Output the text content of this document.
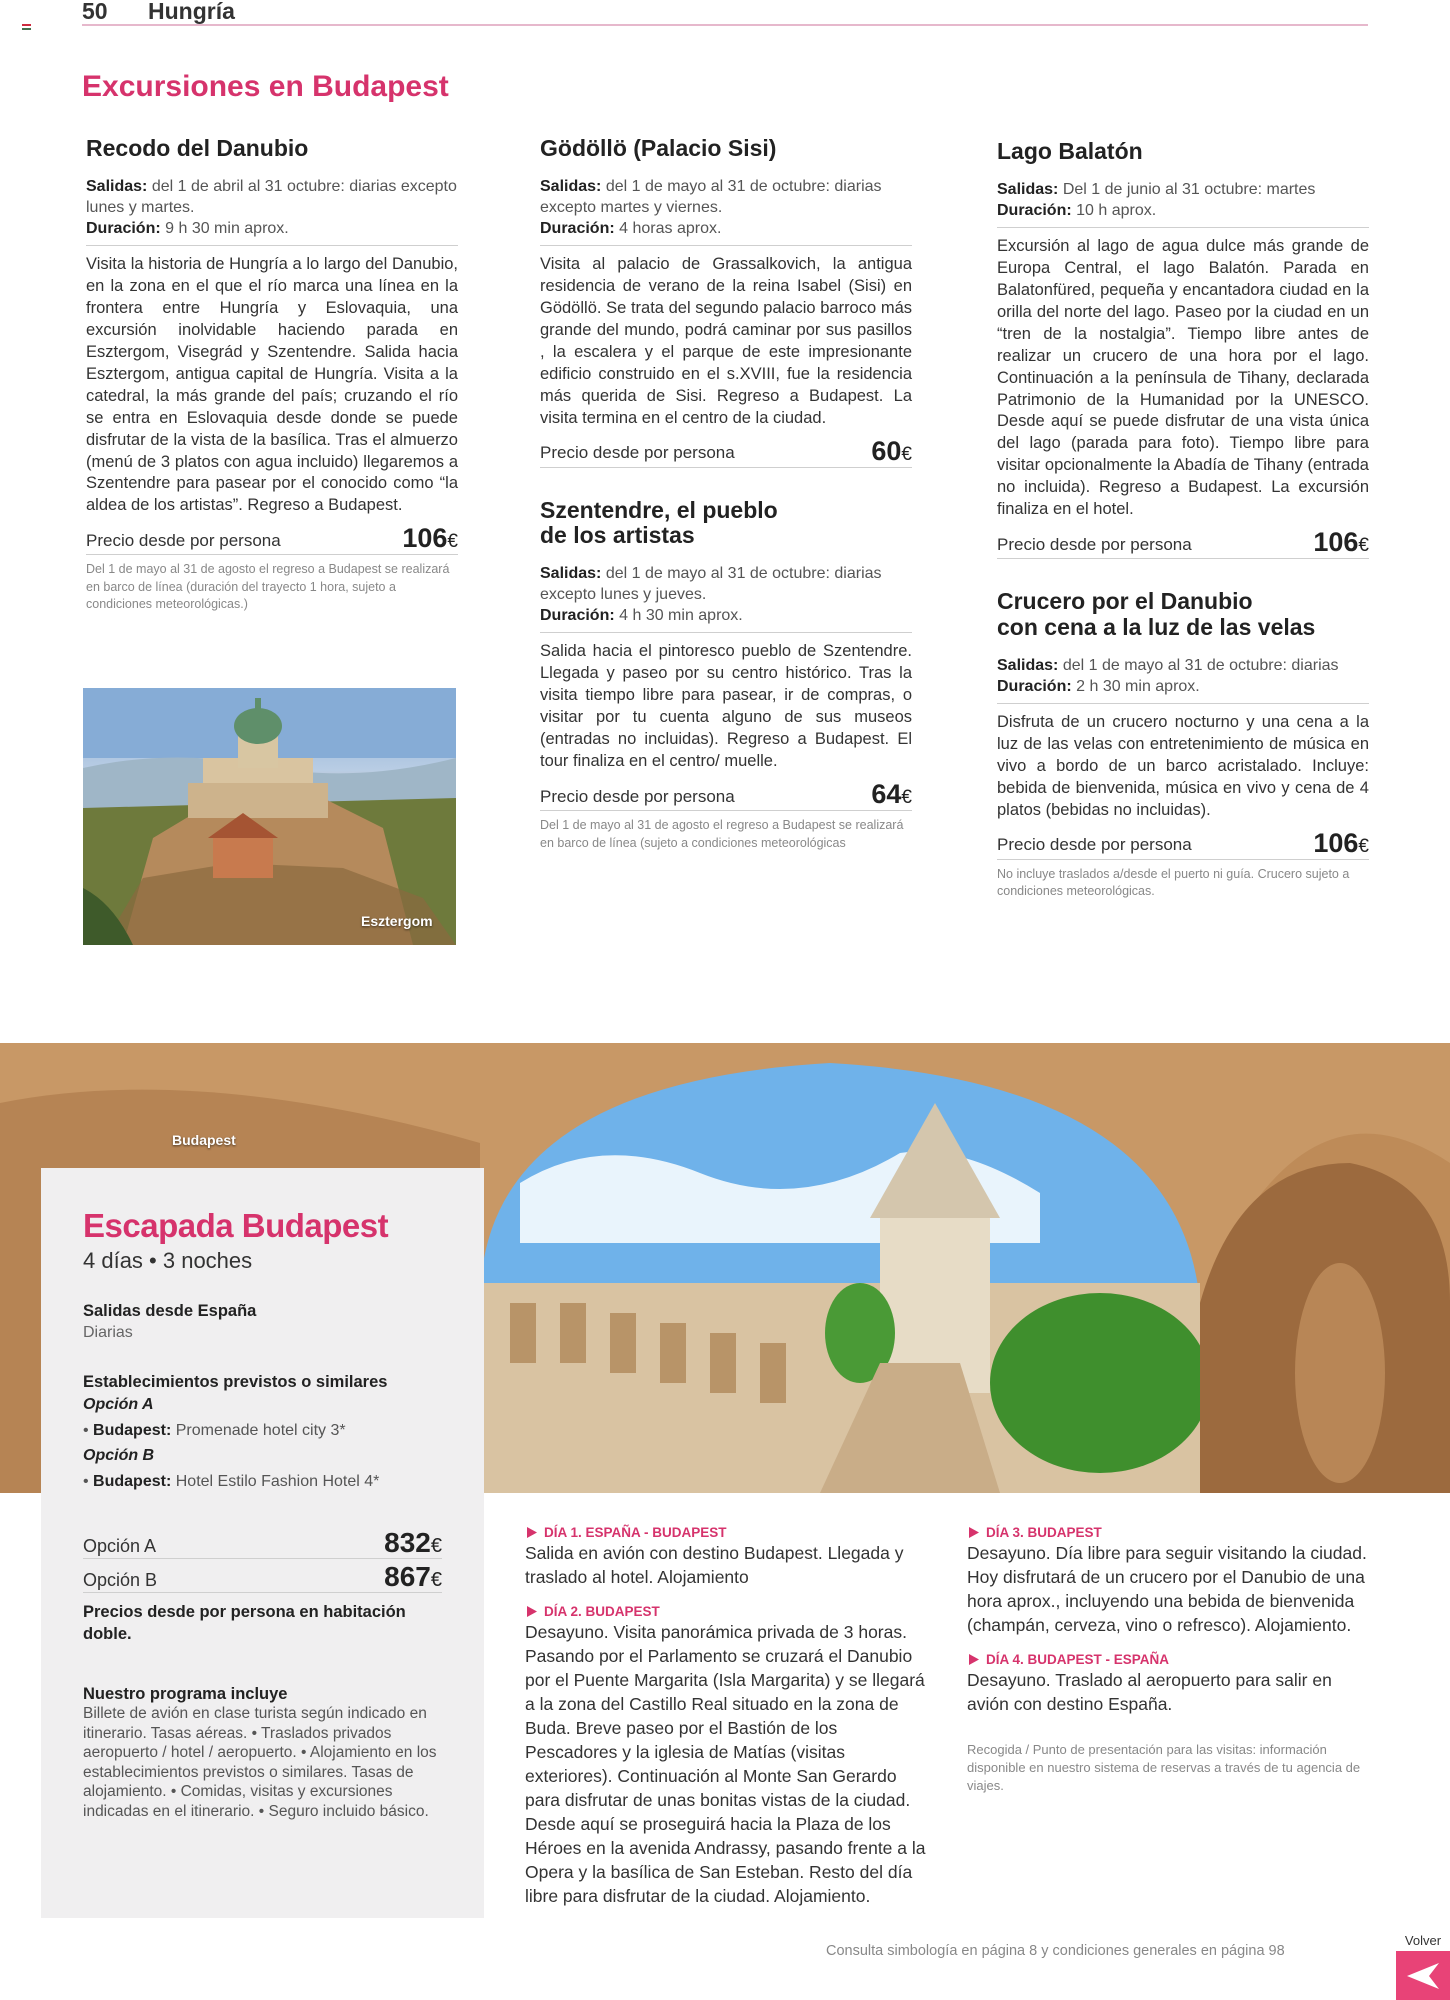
50 Hungría
Excursiones en Budapest
Recodo del Danubio

Salidas: del 1 de abril al 31 octubre: diarias excepto lunes y martes.

Duración: 9 h 30 min aprox.

Visita la historia de Hungría a lo largo del Danubio, en la zona en el que el río marca una línea en la frontera entre Hungría y Eslovaquia, una excursión inolvidable haciendo parada en Esztergom, Visegrád y Szentendre. Salida hacia Esztergom, antigua capital de Hungría. Visita a la catedral, la más grande del país; cruzando el río se entra en Eslovaquia desde donde se puede disfrutar de la vista de la basílica. Tras el almuerzo (menú de 3 platos con agua incluido) llegaremos a Szentendre para pasear por el conocido como “la aldea de los artistas”. Regreso a Budapest.

Precio desde por persona	106€

Del 1 de mayo al 31 de agosto el regreso a Budapest se realizará en barco de línea (duración del trayecto 1 hora, sujeto a condiciones meteorológicas.)

Esztergom
Gödöllö (Palacio Sisi)

Salidas: del 1 de mayo al 31 de octubre: diarias excepto martes y viernes.

Duración: 4 horas aprox.

Visita al palacio de Grassalkovich, la antigua residencia de verano de la reina Isabel (Sisi) en Gödöllö. Se trata del segundo palacio barroco más grande del mundo, podrá caminar por sus pasillos , la escalera y el parque de este impresionante edificio construido en el s.XVIII, fue la residencia más querida de Sisi. Regreso a Budapest. La visita termina en el centro de la ciudad.

Precio desde por persona	60€
Szentendre, el pueblo
de los artistas

Salidas: del 1 de mayo al 31 de octubre: diarias excepto lunes y jueves.

Duración: 4 h 30 min aprox.

Salida hacia el pintoresco pueblo de Szentendre. Llegada y paseo por su centro histórico. Tras la visita tiempo libre para pasear, ir de compras, o visitar por tu cuenta alguno de sus museos (entradas no incluidas). Regreso a Budapest. El tour finaliza en el centro/ muelle.

Precio desde por persona	64€

Del 1 de mayo al 31 de agosto el regreso a Budapest se realizará en barco de línea (sujeto a condiciones meteorológicas

Lago Balatón

Salidas: Del 1 de junio al 31 octubre: martes

Duración: 10 h aprox.

Excursión al lago de agua dulce más grande de Europa Central, el lago Balatón. Parada en Balatonfüred, pequeña y encantadora ciudad en la orilla del norte del lago. Paseo por la ciudad en un “tren de la nostalgia”. Tiempo libre antes de realizar un crucero de una hora por el lago. Continuación a la península de Tihany, declarada Patrimonio de la Humanidad por la UNESCO. Desde aquí se puede disfrutar de una vista única del lago (parada para foto). Tiempo libre para visitar opcionalmente la Abadía de Tihany (entrada no incluida). Regreso a Budapest. La excursión finaliza en el hotel.

Precio desde por persona	106€
Crucero por el Danubio
con cena a la luz de las velas

Salidas: del 1 de mayo al 31 de octubre: diarias

Duración: 2 h 30 min aprox.

Disfruta de un crucero nocturno y una cena a la luz de las velas con entretenimiento de música en vivo a bordo de un barco acristalado. Incluye: bebida de bienvenida, música en vivo y cena de 4 platos (bebidas no incluidas).

Precio desde por persona	106€

No incluye traslados a/desde el puerto ni guía. Crucero sujeto a condiciones meteorológicas.

Budapest
Escapada Budapest

4 días • 3 noches

Salidas desde España

Diarias

Establecimientos previstos o similares

Opción A

• Budapest: Promenade hotel city 3*

Opción B

• Budapest: Hotel Estilo Fashion Hotel 4*

Opción A	832€
Opción B	867€

Precios desde por persona en habitación doble.

Nuestro programa incluye

Billete de avión en clase turista según indicado en itinerario. Tasas aéreas. • Traslados privados aeropuerto / hotel / aeropuerto. • Alojamiento en los establecimientos previstos o similares. Tasas de alojamiento. • Comidas, visitas y excursiones indicadas en el itinerario. • Seguro incluido básico.

DÍA 1. ESPAÑA - BUDAPEST

Salida en avión con destino Budapest. Llegada y traslado al hotel. Alojamiento

DÍA 2. BUDAPEST

Desayuno. Visita panorámica privada de 3 horas. Pasando por el Parlamento se cruzará el Danubio por el Puente Margarita (Isla Margarita) y se llegará a la zona del Castillo Real situado en la zona de Buda. Breve paseo por el Bastión de los Pescadores y la iglesia de Matías (visitas exteriores). Continuación al Monte San Gerardo para disfrutar de unas bonitas vistas de la ciudad. Desde aquí se proseguirá hacia la Plaza de los Héroes en la avenida Andrassy, pasando frente a la Opera y la basílica de San Esteban. Resto del día libre para disfrutar de la ciudad. Alojamiento.

DÍA 3. BUDAPEST

Desayuno. Día libre para seguir visitando la ciudad. Hoy disfrutará de un crucero por el Danubio de una hora aprox., incluyendo una bebida de bienvenida (champán, cerveza, vino o refresco). Alojamiento.

DÍA 4. BUDAPEST - ESPAÑA

Desayuno. Traslado al aeropuerto para salir en avión con destino España.

Recogida / Punto de presentación para las visitas: información disponible en nuestro sistema de reservas a través de tu agencia de viajes.

Consulta simbología en página 8 y condiciones generales en página 98

Volver
